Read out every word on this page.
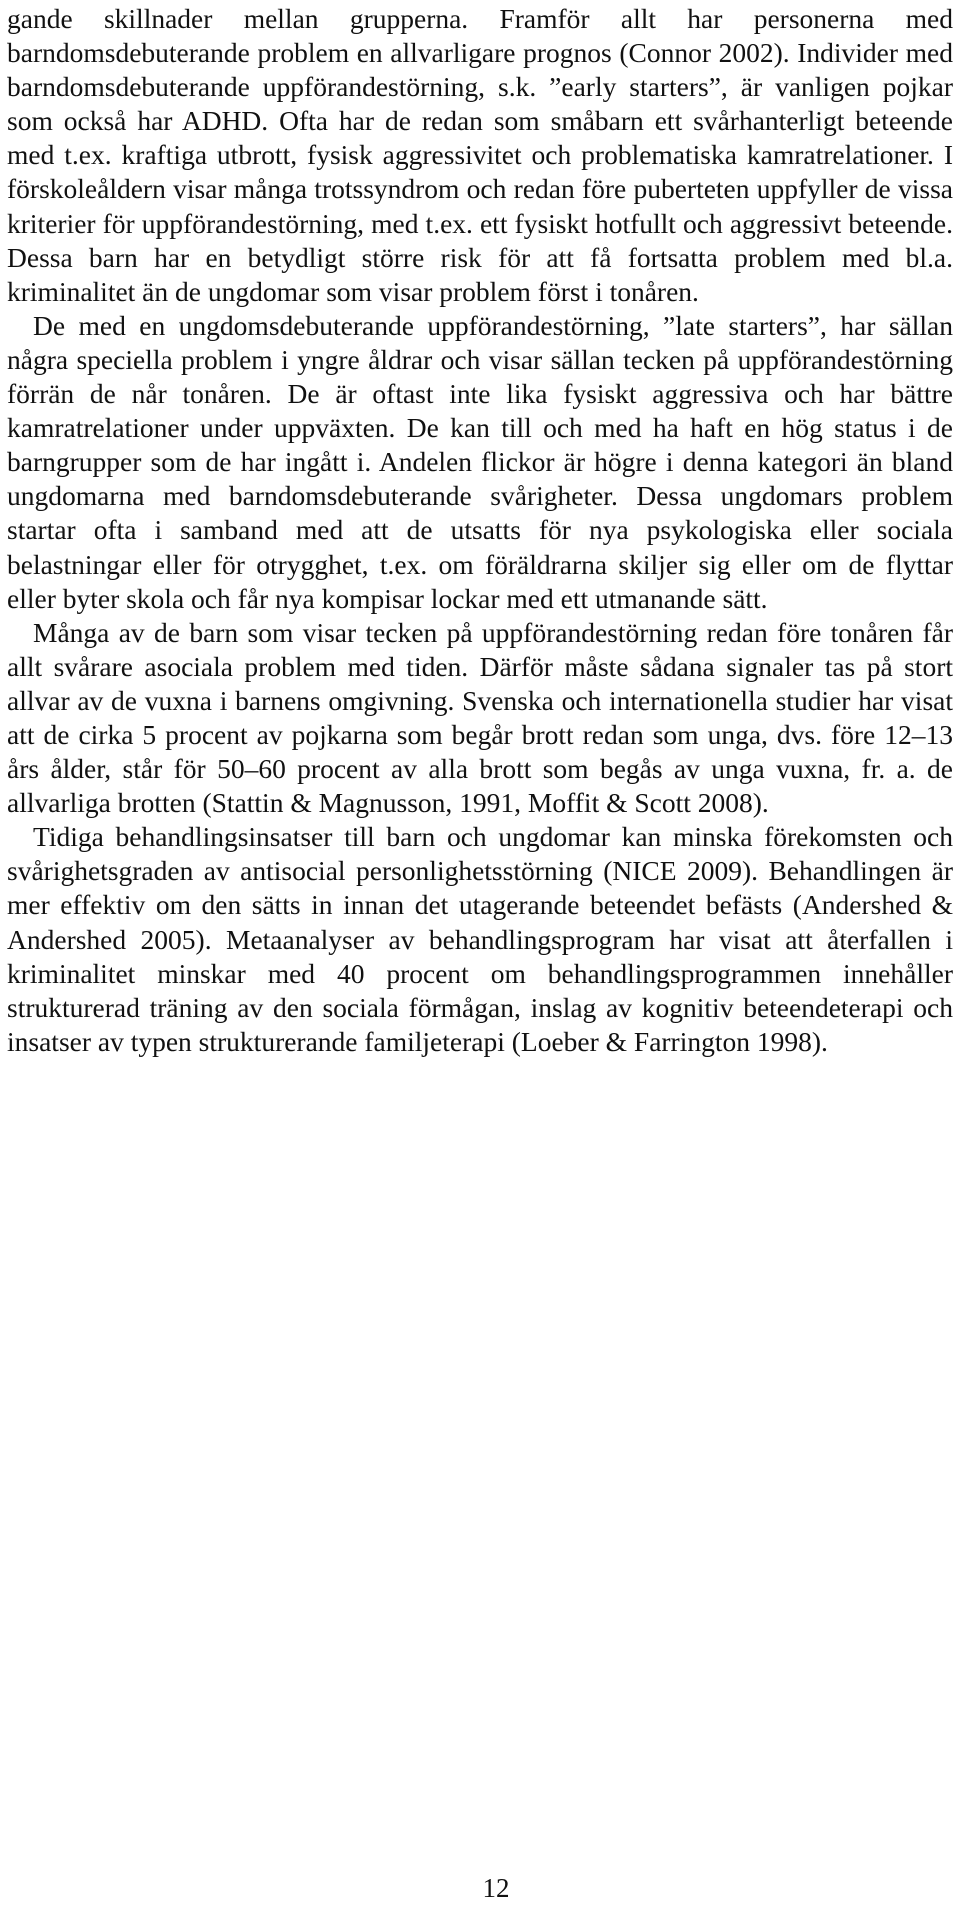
gande skillnader mellan grupperna. Framför allt har personerna med barndomsdebuterande problem en allvarligare prognos (Connor 2002). Individer med barndomsdebuterande uppförandestörning, s.k. ”early starters”, är vanligen pojkar som också har ADHD. Ofta har de redan som småbarn ett svårhanterligt beteende med t.ex. kraftiga utbrott, fysisk aggressivitet och problematiska kamratrelationer. I förskoleåldern visar många trotssyndrom och redan före puberteten uppfyller de vissa kriterier för uppförandestörning, med t.ex. ett fysiskt hotfullt och aggressivt beteende. Dessa barn har en betydligt större risk för att få fortsatta problem med bl.a. kriminalitet än de ungdomar som visar problem först i tonåren.

De med en ungdomsdebuterande uppförandestörning, ”late starters”, har sällan några speciella problem i yngre åldrar och visar sällan tecken på uppförandestörning förrän de når tonåren. De är oftast inte lika fysiskt aggressiva och har bättre kamratrelationer under uppväxten. De kan till och med ha haft en hög status i de barngrupper som de har ingått i. Andelen flickor är högre i denna kategori än bland ungdomarna med barndomsdebuterande svårigheter. Dessa ungdomars problem startar ofta i samband med att de utsatts för nya psykologiska eller sociala belastningar eller för otrygghet, t.ex. om föräldrarna skiljer sig eller om de flyttar eller byter skola och får nya kompisar lockar med ett utmanande sätt.

Många av de barn som visar tecken på uppförandestörning redan före tonåren får allt svårare asociala problem med tiden. Därför måste sådana signaler tas på stort allvar av de vuxna i barnens omgivning. Svenska och internationella studier har visat att de cirka 5 procent av pojkarna som begår brott redan som unga, dvs. före 12–13 års ålder, står för 50–60 procent av alla brott som begås av unga vuxna, fr. a. de allvarliga brotten (Stattin & Magnusson, 1991, Moffit & Scott 2008).

Tidiga behandlingsinsatser till barn och ungdomar kan minska förekomsten och svårighetsgraden av antisocial personlighetsstörning (NICE 2009). Behandlingen är mer effektiv om den sätts in innan det utagerande beteendet befästs (Andershed & Andershed 2005). Metaanalyser av behandlingsprogram har visat att återfallen i kriminalitet minskar med 40 procent om behandlingsprogrammen innehåller strukturerad träning av den sociala förmågan, inslag av kognitiv beteendeterapi och insatser av typen strukturerande familjeterapi (Loeber & Farrington 1998).

12
